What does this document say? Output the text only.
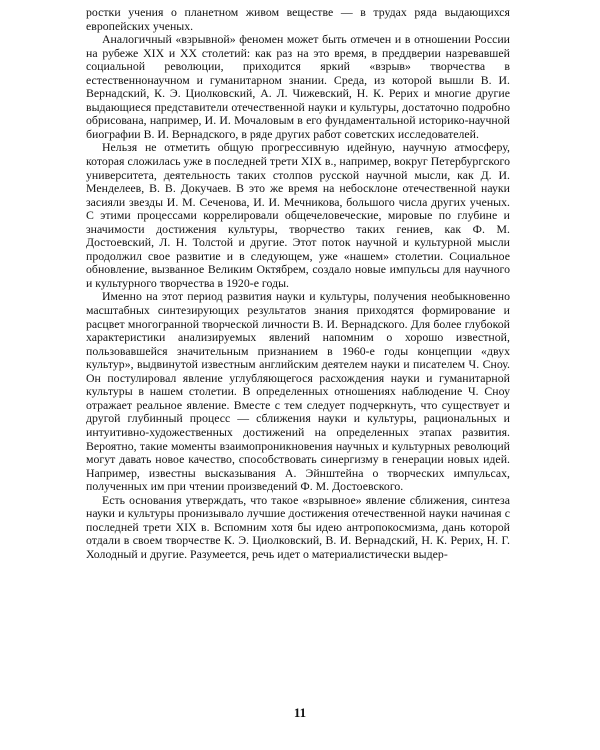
ростки учения о планетном живом веществе — в трудах ряда выдающихся европейских ученых.

Аналогичный «взрывной» феномен может быть отмечен и в отношении России на рубеже XIX и XX столетий: как раз на это время, в преддверии назревавшей социальной революции, приходится яркий «взрыв» творчества в естественнонаучном и гуманитарном знании. Среда, из которой вышли В. И. Вернадский, К. Э. Циолковский, А. Л. Чижевский, Н. К. Рерих и многие другие выдающиеся представители отечественной науки и культуры, достаточно подробно обрисована, например, И. И. Мочаловым в его фундаментальной историко-научной биографии В. И. Вернадского, в ряде других работ советских исследователей.

Нельзя не отметить общую прогрессивную идейную, научную атмосферу, которая сложилась уже в последней трети XIX в., например, вокруг Петербургского университета, деятельность таких столпов русской научной мысли, как Д. И. Менделеев, В. В. Докучаев. В это же время на небосклоне отечественной науки засияли звезды И. М. Сеченова, И. И. Мечникова, большого числа других ученых. С этими процессами коррелировали общечеловеческие, мировые по глубине и значимости достижения культуры, творчество таких гениев, как Ф. М. Достоевский, Л. Н. Толстой и другие. Этот поток научной и культурной мысли продолжил свое развитие и в следующем, уже «нашем» столетии. Социальное обновление, вызванное Великим Октябрем, создало новые импульсы для научного и культурного творчества в 1920-е годы.

Именно на этот период развития науки и культуры, получения необыкновенно масштабных синтезирующих результатов знания приходятся формирование и расцвет многогранной творческой личности В. И. Вернадского. Для более глубокой характеристики анализируемых явлений напомним о хорошо известной, пользовавшейся значительным признанием в 1960-е годы концепции «двух культур», выдвинутой известным английским деятелем науки и писателем Ч. Сноу. Он постулировал явление углубляющегося расхождения науки и гуманитарной культуры в нашем столетии. В определенных отношениях наблюдение Ч. Сноу отражает реальное явление. Вместе с тем следует подчеркнуть, что существует и другой глубинный процесс — сближения науки и культуры, рациональных и интуитивно-художественных достижений на определенных этапах развития. Вероятно, такие моменты взаимопроникновения научных и культурных революций могут давать новое качество, способствовать синергизму в генерации новых идей. Например, известны высказывания А. Эйнштейна о творческих импульсах, полученных им при чтении произведений Ф. М. Достоевского.

Есть основания утверждать, что такое «взрывное» явление сближения, синтеза науки и культуры пронизывало лучшие достижения отечественной науки начиная с последней трети XIX в. Вспомним хотя бы идею антропокосмизма, дань которой отдали в своем творчестве К. Э. Циолковский, В. И. Вернадский, Н. К. Рерих, Н. Г. Холодный и другие. Разумеется, речь идет о материалистически выдер-

11
